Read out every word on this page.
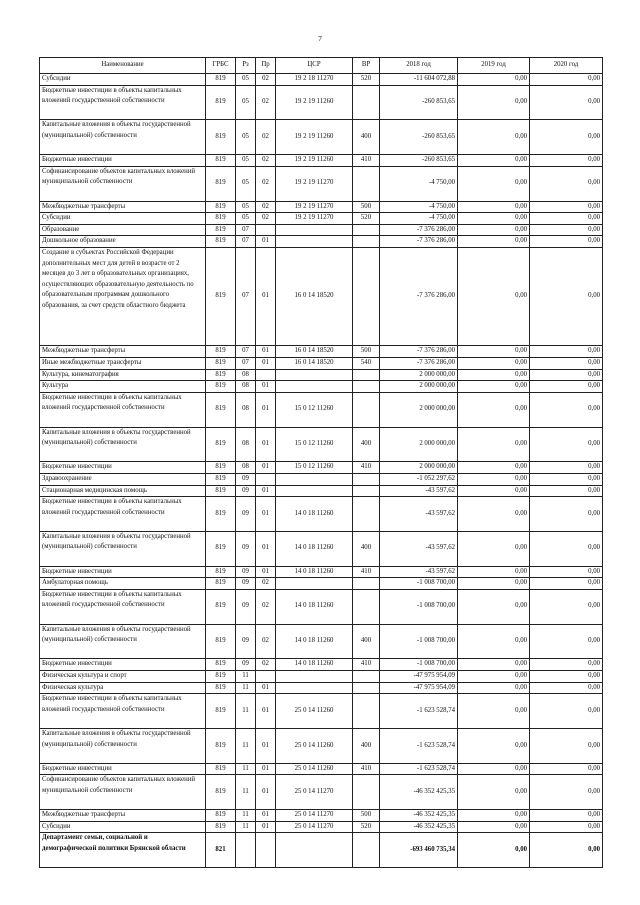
7
Наименование	ГРБС	Рз	Пр	ЦСР	ВР	2018 год	2019 год	2020 год
Субсидии	819	05	02	19 2 18 11270	520	-11 604 072,88	0,00	0,00
Бюджетные инвестиции в объекты капитальных вложений государственной собственности	819	05	02	19 2 19 11260		-260 853,65	0,00	0,00
Капитальные вложения в объекты государственной (муниципальной) собственности	819	05	02	19 2 19 11260	400	-260 853,65	0,00	0,00
Бюджетные инвестиции	819	05	02	19 2 19 11260	410	-260 853,65	0,00	0,00
Софинансирование объектов капитальных вложений муниципальной собственности	819	05	02	19 2 19 11270		-4 750,00	0,00	0,00
Межбюджетные трансферты	819	05	02	19 2 19 11270	500	-4 750,00	0,00	0,00
Субсидии	819	05	02	19 2 19 11270	520	-4 750,00	0,00	0,00
Образование	819	07				-7 376 286,00	0,00	0,00
Дошкольное образование	819	07	01			-7 376 286,00	0,00	0,00
Создание в субъектах Российской Федерации дополнительных мест для детей в возрасте от 2 месяцев до 3 лет в образовательных организациях, осуществляющих образовательную деятельность по образовательным программам дошкольного образования, за счет средств областного бюджета	819	07	01	16 0 14 18520		-7 376 286,00	0,00	0,00
Межбюджетные трансферты	819	07	01	16 0 14 18520	500	-7 376 286,00	0,00	0,00
Иные межбюджетные трансферты	819	07	01	16 0 14 18520	540	-7 376 286,00	0,00	0,00
Культура, кинематография	819	08				2 000 000,00	0,00	0,00
Культура	819	08	01			2 000 000,00	0,00	0,00
Бюджетные инвестиции в объекты капитальных вложений государственной собственности	819	08	01	15 0 12 11260		2 000 000,00	0,00	0,00
Капитальные вложения в объекты государственной (муниципальной) собственности	819	08	01	15 0 12 11260	400	2 000 000,00	0,00	0,00
Бюджетные инвестиции	819	08	01	15 0 12 11260	410	2 000 000,00	0,00	0,00
Здравоохранение	819	09				-1 052 297,62	0,00	0,00
Стационарная медицинская помощь	819	09	01			-43 597,62	0,00	0,00
Бюджетные инвестиции в объекты капитальных вложений государственной собственности	819	09	01	14 0 18 11260		-43 597,62	0,00	0,00
Капитальные вложения в объекты государственной (муниципальной) собственности	819	09	01	14 0 18 11260	400	-43 597,62	0,00	0,00
Бюджетные инвестиции	819	09	01	14 0 18 11260	410	-43 597,62	0,00	0,00
Амбулаторная помощь	819	09	02			-1 008 700,00	0,00	0,00
Бюджетные инвестиции в объекты капитальных вложений государственной собственности	819	09	02	14 0 18 11260		-1 008 700,00	0,00	0,00
Капитальные вложения в объекты государственной (муниципальной) собственности	819	09	02	14 0 18 11260	400	-1 008 700,00	0,00	0,00
Бюджетные инвестиции	819	09	02	14 0 18 11260	410	-1 008 700,00	0,00	0,00
Физическая культура и спорт	819	11				-47 975 954,09	0,00	0,00
Физическая культура	819	11	01			-47 975 954,09	0,00	0,00
Бюджетные инвестиции в объекты капитальных вложений государственной собственности	819	11	01	25 0 14 11260		-1 623 528,74	0,00	0,00
Капитальные вложения в объекты государственной (муниципальной) собственности	819	11	01	25 0 14 11260	400	-1 623 528,74	0,00	0,00
Бюджетные инвестиции	819	11	01	25 0 14 11260	410	-1 623 528,74	0,00	0,00
Софинансирование объектов капитальных вложений муниципальной собственности	819	11	01	25 0 14 11270		-46 352 425,35	0,00	0,00
Межбюджетные трансферты	819	11	01	25 0 14 11270	500	-46 352 425,35	0,00	0,00
Субсидии	819	11	01	25 0 14 11270	520	-46 352 425,35	0,00	0,00
Департамент семьи, социальной и демографической политики Брянской области	821					-693 460 735,34	0,00	0,00
